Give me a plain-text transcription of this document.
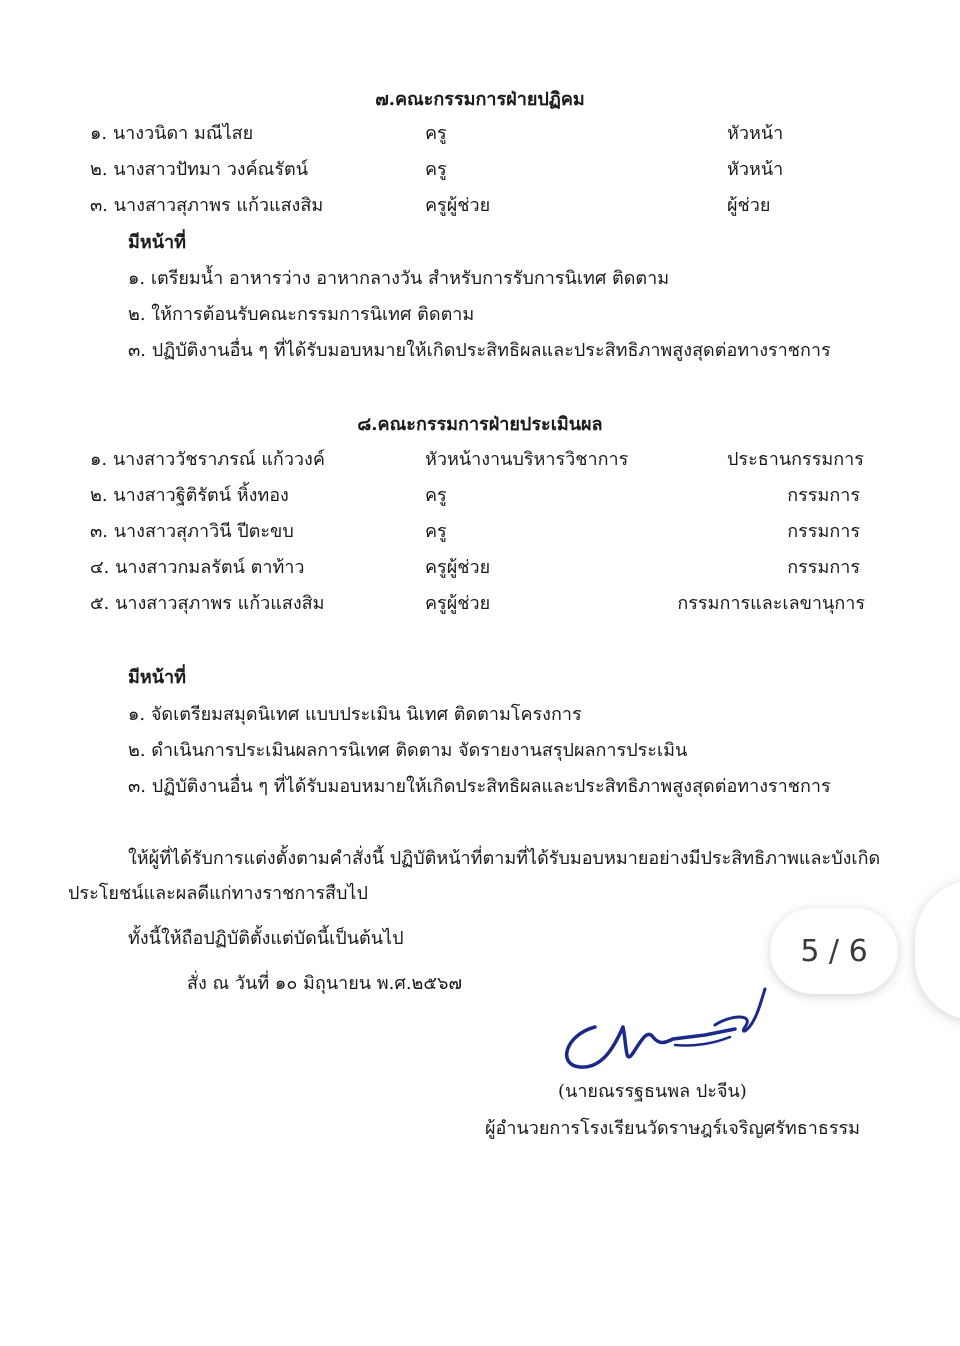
๗.คณะกรรมการฝ่ายปฏิคม
๑. นางวนิดา มณีไสย	ครู	หัวหน้า
๒. นางสาวปัทมา วงค์ณรัตน์	ครู	หัวหน้า
๓. นางสาวสุภาพร แก้วแสงสิม	ครูผู้ช่วย	ผู้ช่วย
มีหน้าที่
๑. เตรียมน้ำ อาหารว่าง อาหากลางวัน สำหรับการรับการนิเทศ ติดตาม
๒. ให้การต้อนรับคณะกรรมการนิเทศ ติดตาม
๓. ปฏิบัติงานอื่น ๆ ที่ได้รับมอบหมายให้เกิดประสิทธิผลและประสิทธิภาพสูงสุดต่อทางราชการ
๘.คณะกรรมการฝ่ายประเมินผล
๑. นางสาววัชราภรณ์ แก้ววงค์	หัวหน้างานบริหารวิชาการ	ประธานกรรมการ
๒. นางสาวฐิติรัตน์ หิ้งทอง	ครู	กรรมการ
๓. นางสาวสุภาวินี ปีตะขบ	ครู	กรรมการ
๔. นางสาวกมลรัตน์ ตาท้าว	ครูผู้ช่วย	กรรมการ
๕. นางสาวสุภาพร แก้วแสงสิม	ครูผู้ช่วย	กรรมการและเลขานุการ
มีหน้าที่
๑. จัดเตรียมสมุดนิเทศ แบบประเมิน นิเทศ ติดตามโครงการ
๒. ดำเนินการประเมินผลการนิเทศ ติดตาม จัดรายงานสรุปผลการประเมิน
๓. ปฏิบัติงานอื่น ๆ ที่ได้รับมอบหมายให้เกิดประสิทธิผลและประสิทธิภาพสูงสุดต่อทางราชการ
ให้ผู้ที่ได้รับการแต่งตั้งตามคำสั่งนี้ ปฏิบัติหน้าที่ตามที่ได้รับมอบหมายอย่างมีประสิทธิภาพและบังเกิด
ประโยชน์และผลดีแก่ทางราชการสืบไป
ทั้งนี้ให้ถือปฏิบัติตั้งแต่บัดนี้เป็นต้นไป
สั่ง ณ วันที่ ๑๐ มิถุนายน พ.ศ.๒๕๖๗
(นายณรรฐธนพล ปะจีน)
ผู้อำนวยการโรงเรียนวัดราษฎร์เจริญศรัทธาธรรม
5 / 6
